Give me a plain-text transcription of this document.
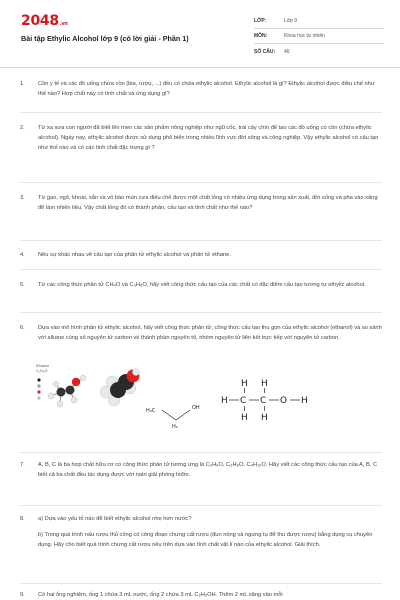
2048.vn
Bài tập Ethylic Alcohol lớp 9 (có lời giải - Phần 1)
LỚP:	Lớp 9
MÔN:	Khoa học tự nhiên
SỐ CÂU:	46
1.	Cồn y tế và các đồ uống chứa cồn (bia, rượu, ...) đều có chứa ethylic alcohol. Ethylic alcohol là gì? Ethylic alcohol được điều chế như thế nào? Hợp chất này có tính chất và ứng dụng gì?
2.	Từ xa xưa con người đã biết lên men các sản phẩm nông nghiệp như ngũ cốc, trái cây chín để tạo các đồ uống có cồn (chứa ethylic alcohol). Ngày nay, ethylic alcohol được sử dụng phổ biến trong nhiều lĩnh vực đời sống và công nghiệp. Vậy ethylic alcohol có cấu tạo như thế nào và có các tính chất đặc trưng gì ?
3.	Từ gạo, ngô, khoai, sắn và vỏ bào mùn cưa điều chế được một chất lỏng có nhiều ứng dụng trong sản xuất, đời sống và pha vào xăng để làm nhiên liệu. Vậy chất lỏng đó có thành phần, cấu tạo và tính chất như thế nào?
4.	Nêu sự khác nhau về cấu tạo của phân tử ethylic alcohol và phân tử ethane.
5.	Từ các công thức phân tử CH₄O và C₃H₈O, hãy viết công thức cấu tạo của các chất có đặc điểm cấu tạo tương tự ethylic alcohol.
6.	Dựa vào mô hình phân tử ethylic alcohol, hãy viết công thức phân tử, công thức cấu tạo thu gọn của ethylic alcohol (ethanol) và so sánh với alkane cùng số nguyên tử carbon về thành phần nguyên tố, nhóm nguyên tử liên kết trực tiếp với nguyên tử carbon.
Ethanol
C₂H₆O
H₃C
H₂
OH
H H
H C C O H
H H
7.	A, B, C là ba hợp chất hữu cơ có công thức phân tử tương ứng là C₂H₆O, C₃H₈O, C₄H₁₀O. Hãy viết các công thức cấu tạo của A, B, C biết cả ba chất đều tác dụng được với natri giải phóng hiđro.
8.	a) Dựa vào yếu tố nào để biết ethylic alcohol nhẹ hơn nước?
b) Trong quá trình nấu rượu thủ công có công đoạn chưng cất rượu (đun nóng và ngưng tụ để thu được rượu) bằng dụng cụ chuyên dụng. Hãy cho biết quá trình chưng cất rượu nêu trên dựa vào tính chất vật lí nào của ethylic alcohol. Giải thích.
9.	Có hai ống nghiệm, ống 1 chứa 3 mL nước, ống 2 chứa 3 mL C₂H₅OH. Thêm 2 mL xăng vào mỗi
